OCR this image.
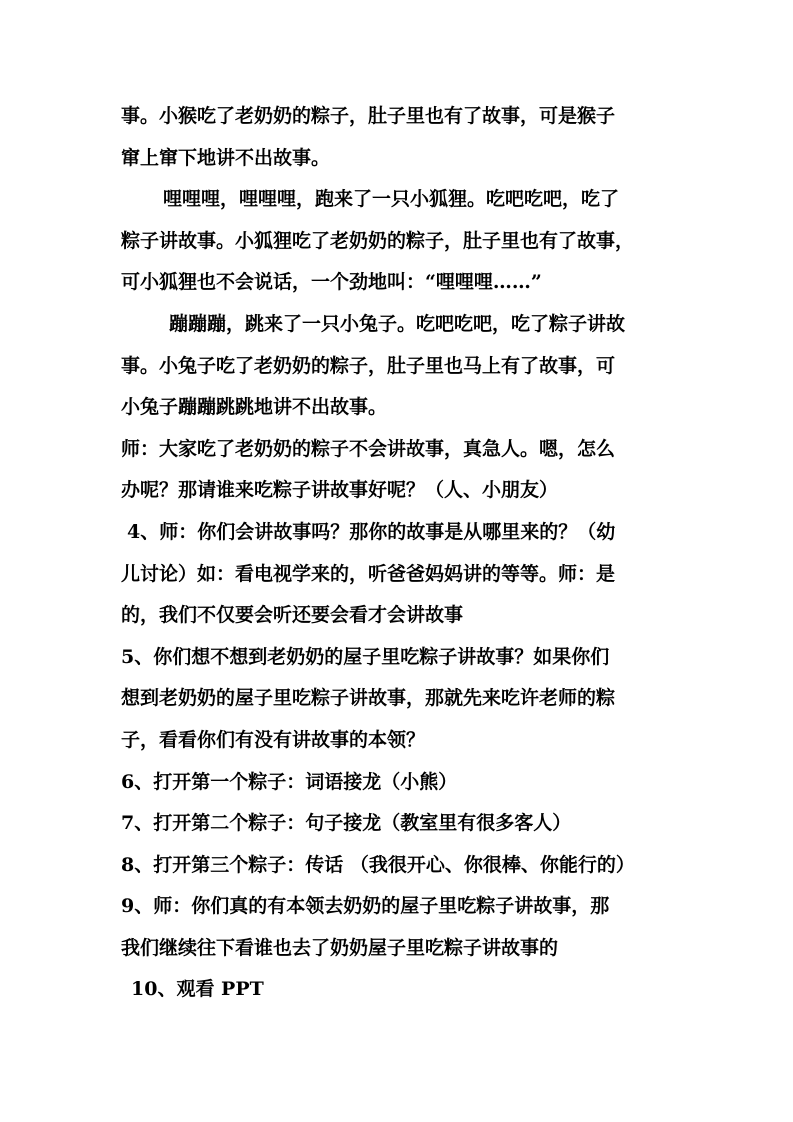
事。小猴吃了老奶奶的粽子，肚子里也有了故事，可是猴子
窜上窜下地讲不出故事。
哩哩哩，哩哩哩，跑来了一只小狐狸。吃吧吃吧，吃了
粽子讲故事。小狐狸吃了老奶奶的粽子，肚子里也有了故事，
可小狐狸也不会说话，一个劲地叫：“哩哩哩……”
蹦蹦蹦，跳来了一只小兔子。吃吧吃吧，吃了粽子讲故
事。小兔子吃了老奶奶的粽子，肚子里也马上有了故事，可
小兔子蹦蹦跳跳地讲不出故事。
师：大家吃了老奶奶的粽子不会讲故事，真急人。嗯，怎么
办呢？那请谁来吃粽子讲故事好呢？（人、小朋友）
4、师：你们会讲故事吗？那你的故事是从哪里来的？（幼
儿讨论）如：看电视学来的，听爸爸妈妈讲的等等。师：是
的，我们不仅要会听还要会看才会讲故事
5、你们想不想到老奶奶的屋子里吃粽子讲故事？如果你们
想到老奶奶的屋子里吃粽子讲故事，那就先来吃许老师的粽
子，看看你们有没有讲故事的本领？
6、打开第一个粽子：词语接龙（小熊）
7、打开第二个粽子：句子接龙（教室里有很多客人）
8、打开第三个粽子：传话 （我很开心、你很棒、你能行的）
9、师：你们真的有本领去奶奶的屋子里吃粽子讲故事，那
我们继续往下看谁也去了奶奶屋子里吃粽子讲故事的
10、观看 PPT
